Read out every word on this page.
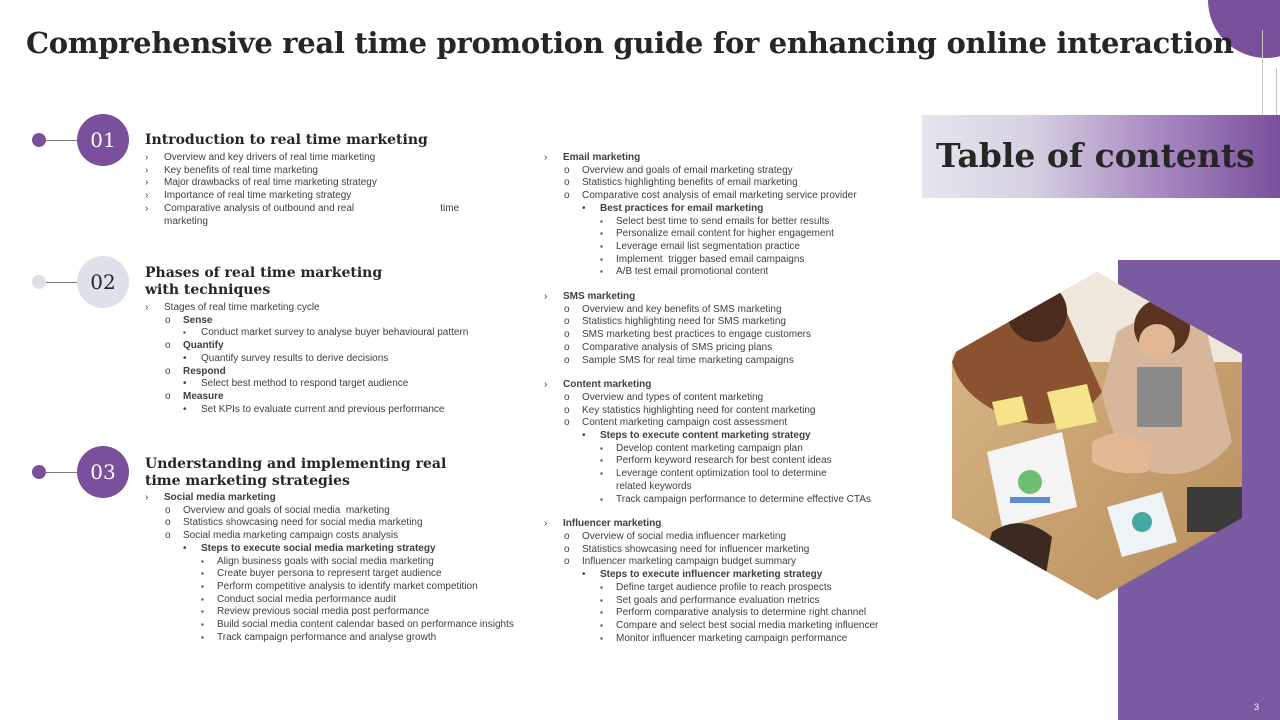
Comprehensive real time promotion guide for enhancing online interaction
Table of contents
01	Introduction to real time marketing
› Overview and key drivers of real time marketing
› Key benefits of real time marketing
› Major drawbacks of real time marketing strategy
› Importance of real time marketing strategy
› Comparative analysis of outbound and real                               time
marketing
02	Phases of real time marketing with techniques
› Stages of real time marketing cycle
o Sense
▪ Conduct market survey to analyse buyer behavioural pattern
o Quantify
• Quantify survey results to derive decisions
o Respond
• Select best method to respond target audience
o Measure
• Set KPIs to evaluate current and previous performance
03	Understanding and implementing real time marketing strategies
› Social media marketing
o Overview and goals of social media  marketing
o Statistics showcasing need for social media marketing
o Social media marketing campaign costs analysis
• Steps to execute social media marketing strategy
▪ Align business goals with social media marketing
▪ Create buyer persona to represent target audience
▪ Perform competitive analysis to identify market competition
▪ Conduct social media performance audit
▪ Review previous social media post performance
▪ Build social media content calendar based on performance insights
▪ Track campaign performance and analyse growth
› Email marketing
o Overview and goals of email marketing strategy
o Statistics highlighting benefits of email marketing
o Comparative cost analysis of email marketing service provider
• Best practices for email marketing
▪ Select best time to send emails for better results
▪ Personalize email content for higher engagement
▪ Leverage email list segmentation practice
▪ Implement  trigger based email campaigns
▪ A/B test email promotional content
› SMS marketing
o Overview and key benefits of SMS marketing
o Statistics highlighting need for SMS marketing
o SMS marketing best practices to engage customers
o Comparative analysis of SMS pricing plans
o Sample SMS for real time marketing campaigns
› Content marketing
o Overview and types of content marketing
o Key statistics highlighting need for content marketing
o Content marketing campaign cost assessment
• Steps to execute content marketing strategy
▪ Develop content marketing campaign plan
▪ Perform keyword research for best content ideas
▪ Leverage content optimization tool to determine
related keywords
▪ Track campaign performance to determine effective CTAs
› Influencer marketing
o Overview of social media influencer marketing
o Statistics showcasing need for influencer marketing
o Influencer marketing campaign budget summary
• Steps to execute influencer marketing strategy
▪ Define target audience profile to reach prospects
▪ Set goals and performance evaluation metrics
▪ Perform comparative analysis to determine right channel
▪ Compare and select best social media marketing influencer
▪ Monitor influencer marketing campaign performance
3
